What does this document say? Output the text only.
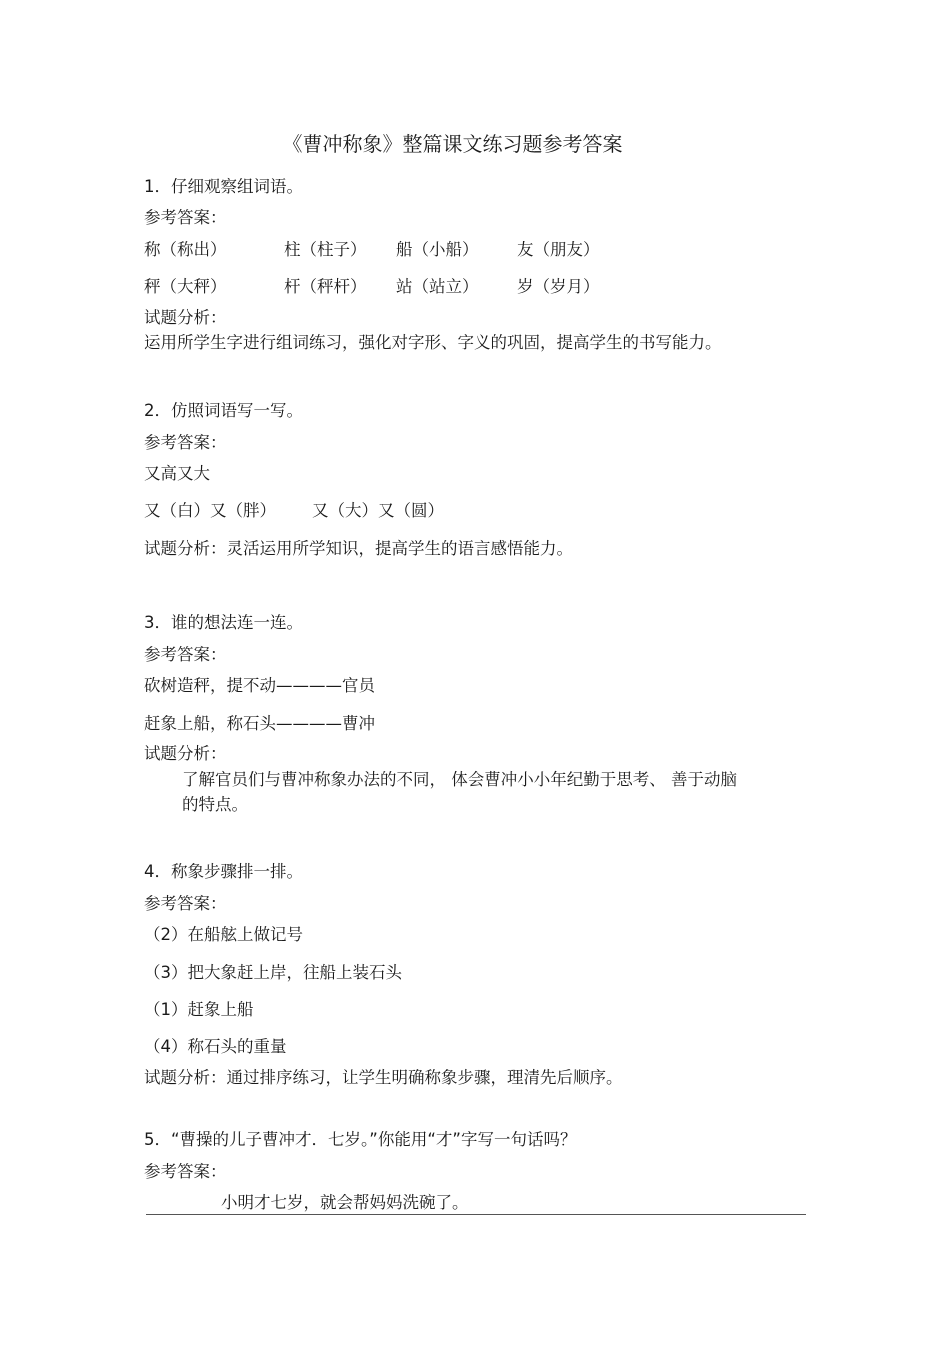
《曹冲称象》整篇课文练习题参考答案
1．仔细观察组词语。
参考答案：
称（称出）	柱（柱子） 船（小船） 友（朋友）
秤（大秤）	杆（秤杆） 站（站立） 岁（岁月）
试题分析：
运用所学生字进行组词练习，强化对字形、字义的巩固，提高学生的书写能力。
2．仿照词语写一写。
参考答案：
又高又大
又（白）又（胖） 又（大）又（圆）
试题分析：灵活运用所学知识，提高学生的语言感悟能力。
3．谁的想法连一连。
参考答案：
砍树造秤，提不动————官员
赶象上船，称石头————曹冲
试题分析：
了解官员们与曹冲称象办法的不同， 体会曹冲小小年纪勤于思考、 善于动脑
的特点。
4．称象步骤排一排。
参考答案：
（2）在船舷上做记号
（3）把大象赶上岸，往船上装石头
（1）赶象上船
（4）称石头的重量
试题分析：通过排序练习，让学生明确称象步骤，理清先后顺序。
5．“曹操的儿子曹冲才．七岁。”你能用“才”字写一句话吗？
参考答案：
小明才七岁，就会帮妈妈洗碗了。
